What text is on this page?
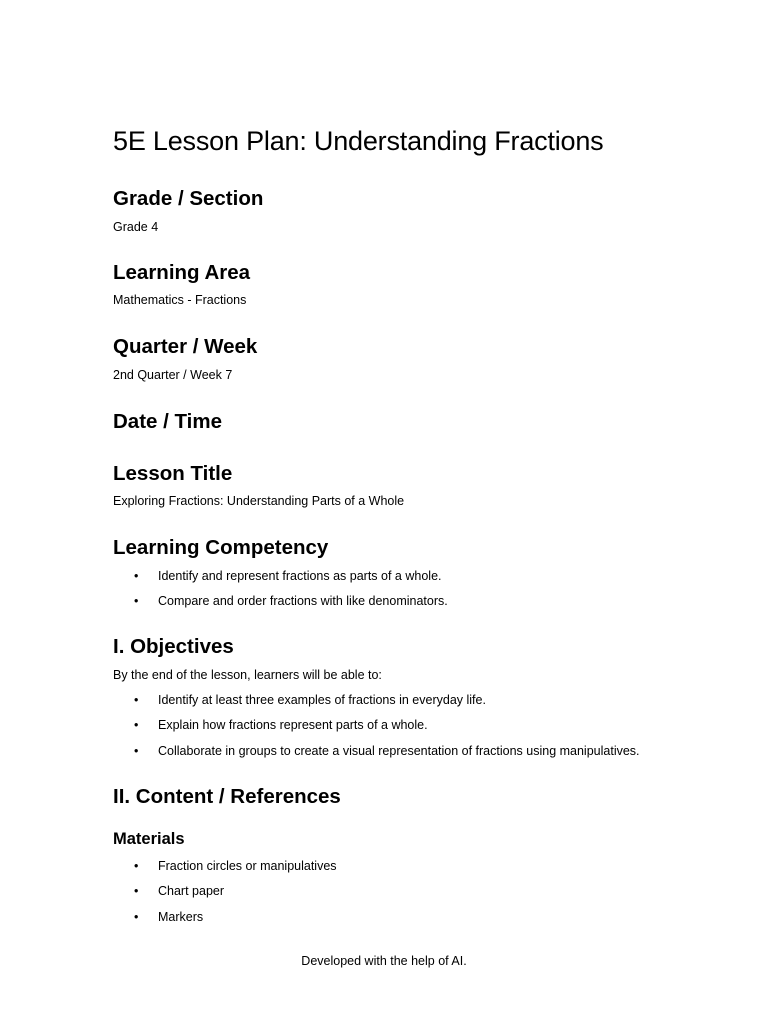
5E Lesson Plan: Understanding Fractions
Grade / Section

Grade 4

Learning Area

Mathematics - Fractions

Quarter / Week

2nd Quarter / Week 7

Date / Time
Lesson Title

Exploring Fractions: Understanding Parts of a Whole

Learning Competency
• Identify and represent fractions as parts of a whole.
• Compare and order fractions with like denominators.
I. Objectives

By the end of the lesson, learners will be able to:

• Identify at least three examples of fractions in everyday life.
• Explain how fractions represent parts of a whole.
• Collaborate in groups to create a visual representation of fractions using manipulatives.
II. Content / References
Materials
• Fraction circles or manipulatives
• Chart paper
• Markers
Developed with the help of AI.
